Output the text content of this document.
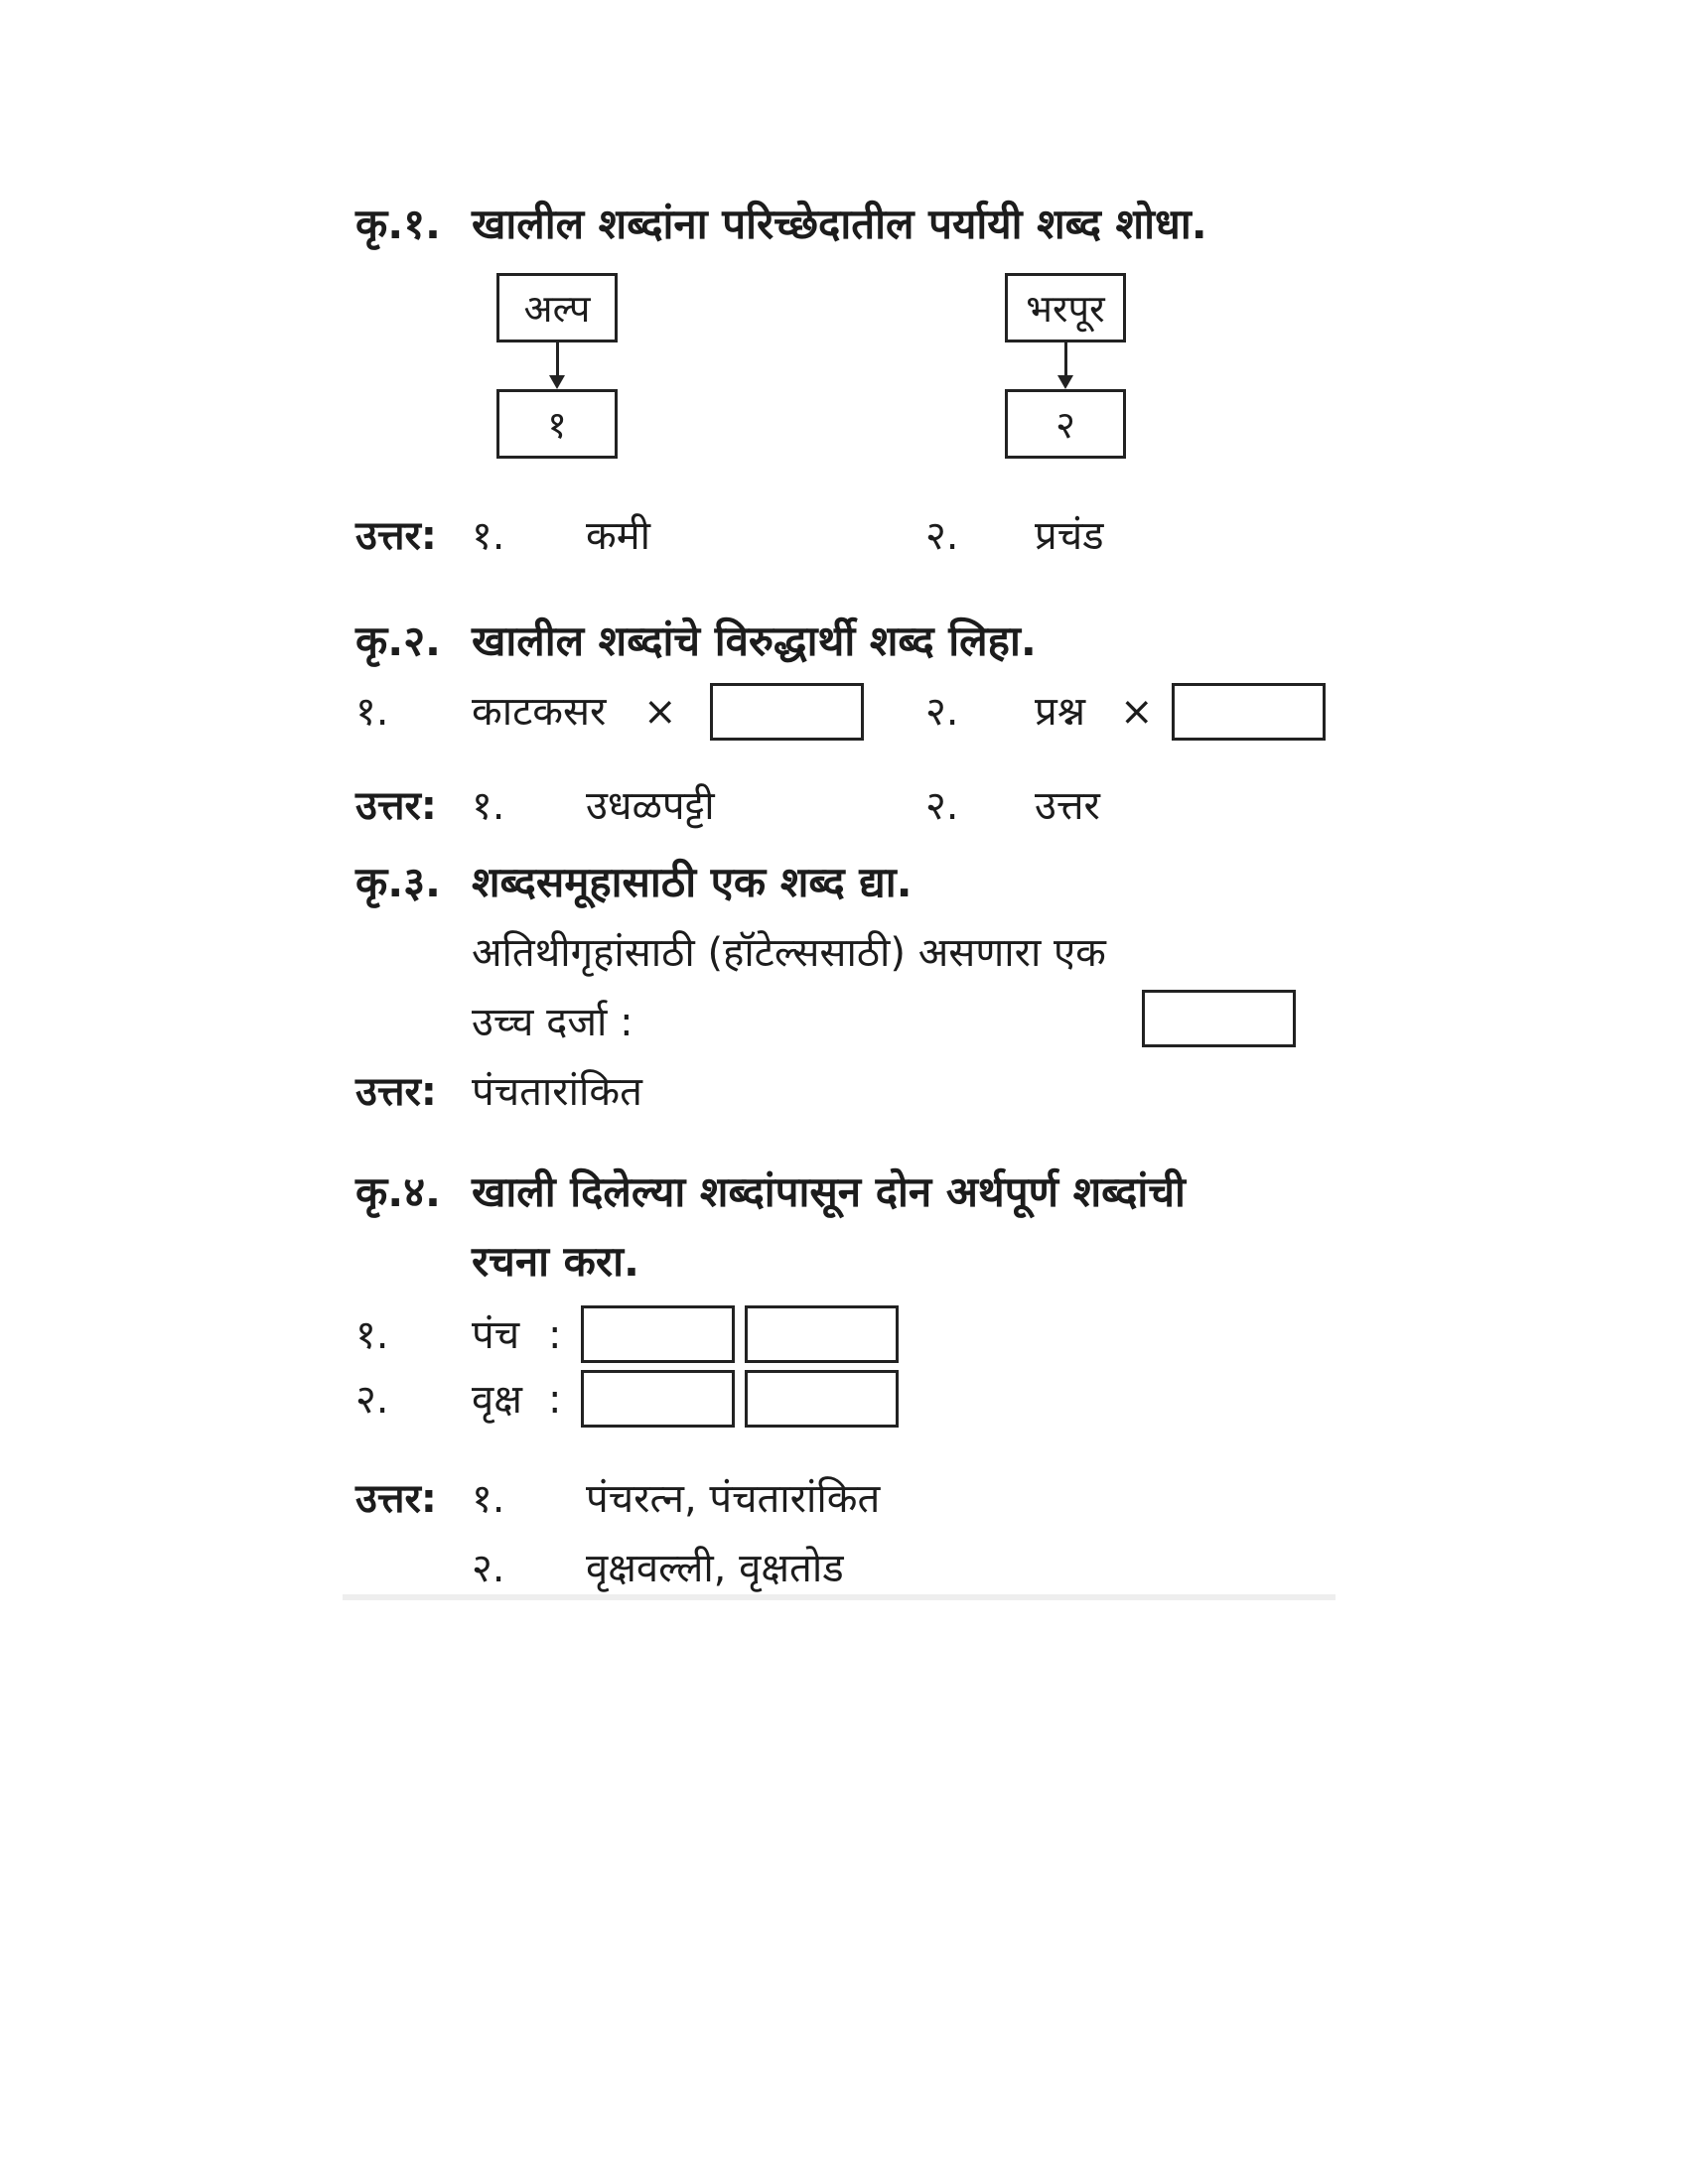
कृ.१. खालील शब्दांना परिच्छेदातील पर्यायी शब्द शोधा.
अल्प
१
भरपूर
२
उत्तर: १. कमी	२. प्रचंड
कृ.२. खालील शब्दांचे विरुद्धार्थी शब्द लिहा.
१. काटकसर ×	२. प्रश्न ×
उत्तर: १. उधळपट्टी	२. उत्तर
कृ.३. शब्दसमूहासाठी एक शब्द द्या.
अतिथीगृहांसाठी (हॉटेल्ससाठी) असणारा एक
उच्च दर्जा :
उत्तर: पंचतारांकित
कृ.४. खाली दिलेल्या शब्दांपासून दोन अर्थपूर्ण शब्दांची
रचना करा.
१. पंच :
२. वृक्ष :
उत्तर: १. पंचरत्न, पंचतारांकित
२. वृक्षवल्ली, वृक्षतोड
